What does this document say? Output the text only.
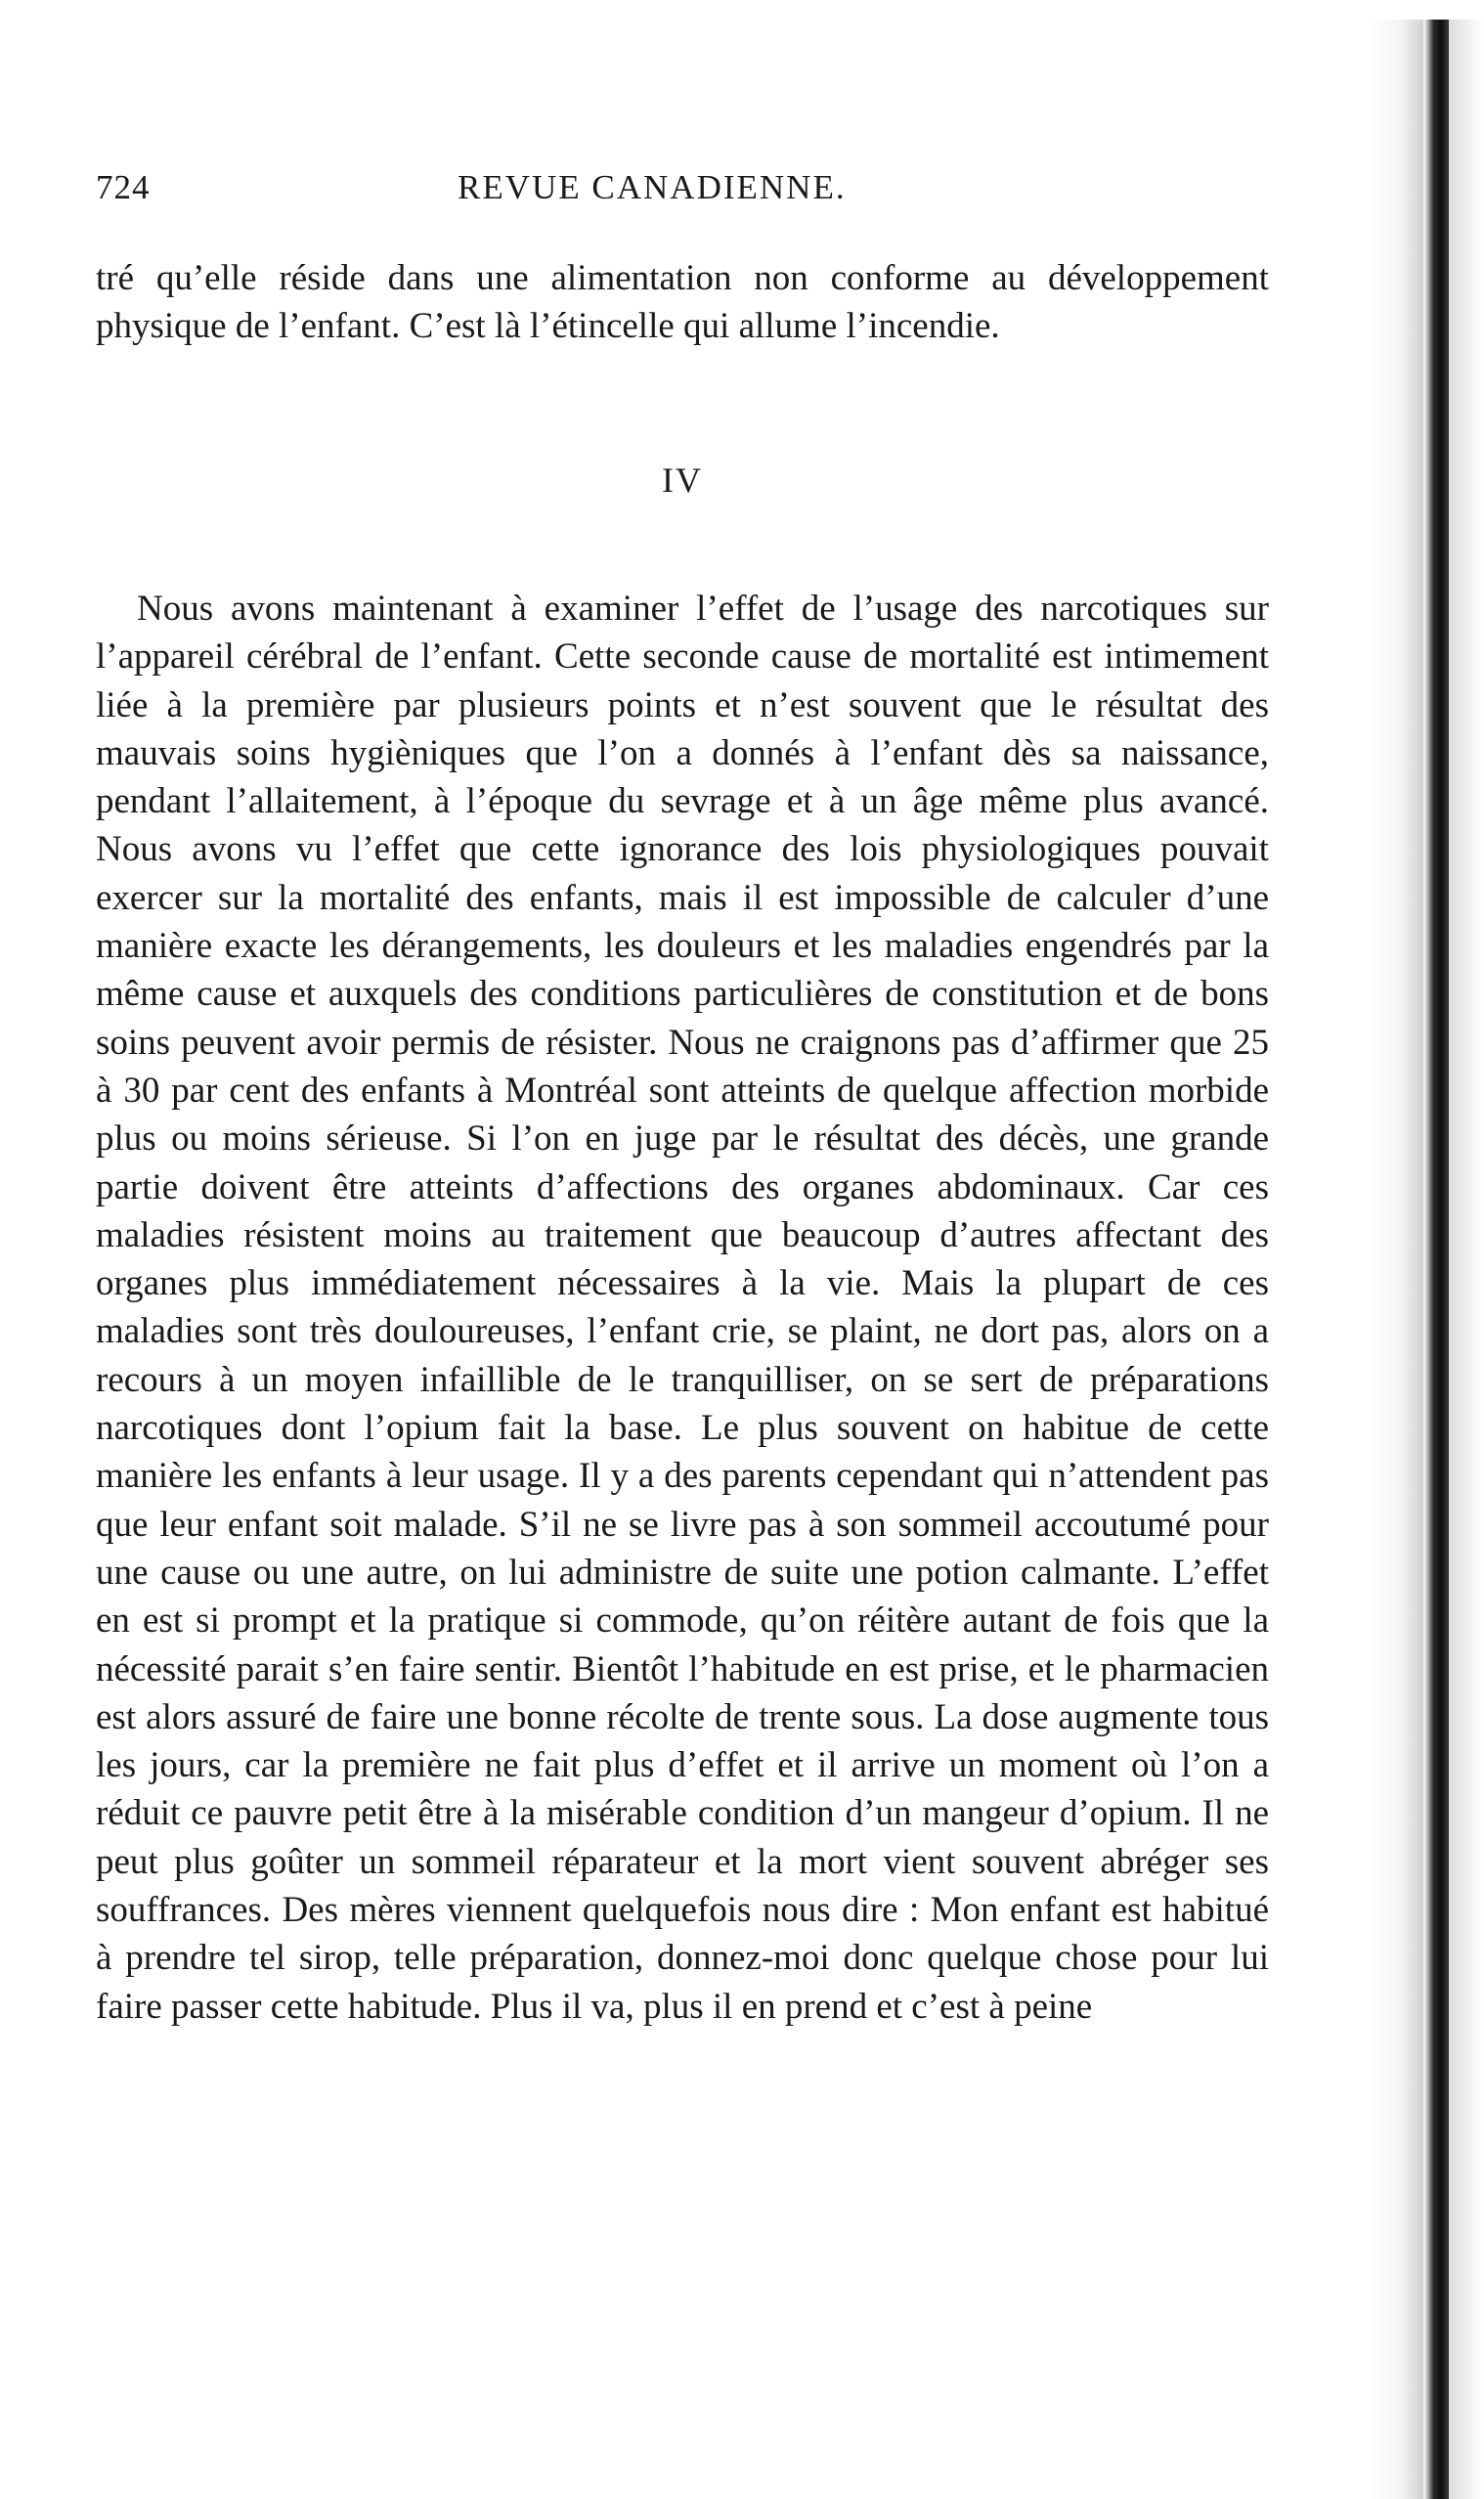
724	REVUE CANADIENNE.

tré qu’elle réside dans une alimentation non conforme au développement physique de l’enfant. C’est là l’étincelle qui allume l’incendie.

IV

Nous avons maintenant à examiner l’effet de l’usage des narcotiques sur l’appareil cérébral de l’enfant. Cette seconde cause de mortalité est intimement liée à la première par plusieurs points et n’est souvent que le résultat des mauvais soins hygièniques que l’on a donnés à l’enfant dès sa naissance, pendant l’allaitement, à l’époque du sevrage et à un âge même plus avancé. Nous avons vu l’effet que cette ignorance des lois physiologiques pouvait exercer sur la mortalité des enfants, mais il est impossible de calculer d’une manière exacte les dérangements, les douleurs et les maladies engendrés par la même cause et auxquels des conditions particulières de constitution et de bons soins peuvent avoir permis de résister. Nous ne craignons pas d’affirmer que 25 à 30 par cent des enfants à Montréal sont atteints de quelque affection morbide plus ou moins sérieuse. Si l’on en juge par le résultat des décès, une grande partie doivent être atteints d’affections des organes abdominaux. Car ces maladies résistent moins au traitement que beaucoup d’autres affectant des organes plus immédiatement nécessaires à la vie. Mais la plupart de ces maladies sont très douloureuses, l’enfant crie, se plaint, ne dort pas, alors on a recours à un moyen infaillible de le tranquilliser, on se sert de préparations narcotiques dont l’opium fait la base. Le plus souvent on habitue de cette manière les enfants à leur usage. Il y a des parents cependant qui n’attendent pas que leur enfant soit malade. S’il ne se livre pas à son sommeil accoutumé pour une cause ou une autre, on lui administre de suite une potion calmante. L’effet en est si prompt et la pratique si commode, qu’on réitère autant de fois que la nécessité parait s’en faire sentir. Bientôt l’habitude en est prise, et le pharmacien est alors assuré de faire une bonne récolte de trente sous. La dose augmente tous les jours, car la première ne fait plus d’effet et il arrive un moment où l’on a réduit ce pauvre petit être à la misérable condition d’un mangeur d’opium. Il ne peut plus goûter un sommeil réparateur et la mort vient souvent abréger ses souffrances. Des mères viennent quelquefois nous dire : Mon enfant est habitué à prendre tel sirop, telle préparation, donnez-moi donc quelque chose pour lui faire passer cette habitude. Plus il va, plus il en prend et c’est à peine
